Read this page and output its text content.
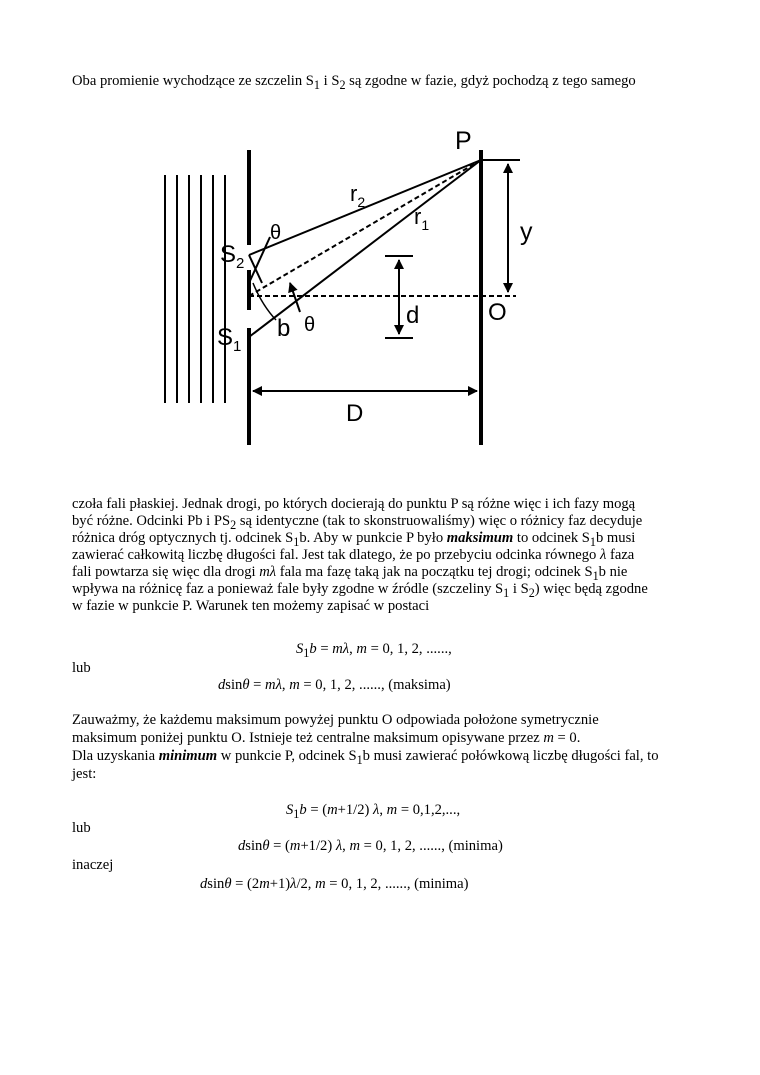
Oba promienie wychodzące ze szczelin $S_1$ i $S_2$ są zgodne w fazie, gdyż pochodzą z tego samego
P
$r_2$
$r_1$
θ	y
$S_2$
d	O
b θ
$S_1$
D
czoła fali płaskiej. Jednak drogi, po których docierają do punktu P są różne więc i ich fazy mogą
być różne. Odcinki Pb i $PS_2$ są identyczne (tak to skonstruowaliśmy) więc o różnicy faz decyduje
różnica dróg optycznych tj. odcinek $S_1b$. Aby w punkcie P było maksimum to odcinek $S_1b$ musi
zawierać całkowitą liczbę długości fal. Jest tak dlatego, że po przebyciu odcinka równego λ faza
fali powtarza się więc dla drogi mλ fala ma fazę taką jak na początku tej drogi; odcinek $S_1b$ nie
wpływa na różnicę faz a ponieważ fale były zgodne w źródle (szczeliny $S_1$ i $S_2$) więc będą zgodne
w fazie w punkcie P. Warunek ten możemy zapisać w postaci
$S_1b = m\lambda$, m = 0, 1, 2, ......,
lub
dsinθ = mλ, m = 0, 1, 2, ......, (maksima)
Zauważmy, że każdemu maksimum powyżej punktu O odpowiada położone symetrycznie
maksimum poniżej punktu O. Istnieje też centralne maksimum opisywane przez m = 0.
Dla uzyskania minimum w punkcie P, odcinek $S_1b$ musi zawierać połówkową liczbę długości fal, to
jest:
$S_1b = (m+1/2)$ λ, m = 0,1,2,...,
lub
dsinθ = (m+1/2) λ, m = 0, 1, 2, ......, (minima)
inaczej
dsinθ = (2m+1)λ/2, m = 0, 1, 2, ......, (minima)
